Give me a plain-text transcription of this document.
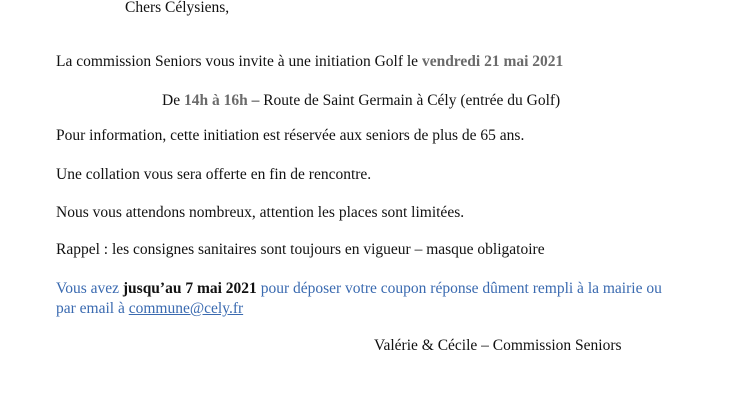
Chers Célysiens,
La commission Seniors vous invite à une initiation Golf le vendredi 21 mai 2021
De 14h à 16h – Route de Saint Germain à Cély (entrée du Golf)
Pour information, cette initiation est réservée aux seniors de plus de 65 ans.
Une collation vous sera offerte en fin de rencontre.
Nous vous attendons nombreux, attention les places sont limitées.
Rappel : les consignes sanitaires sont toujours en vigueur – masque obligatoire
Vous avez jusqu’au 7 mai 2021 pour déposer votre coupon réponse dûment rempli à la mairie ou
par email à commune@cely.fr
Valérie & Cécile – Commission Seniors
